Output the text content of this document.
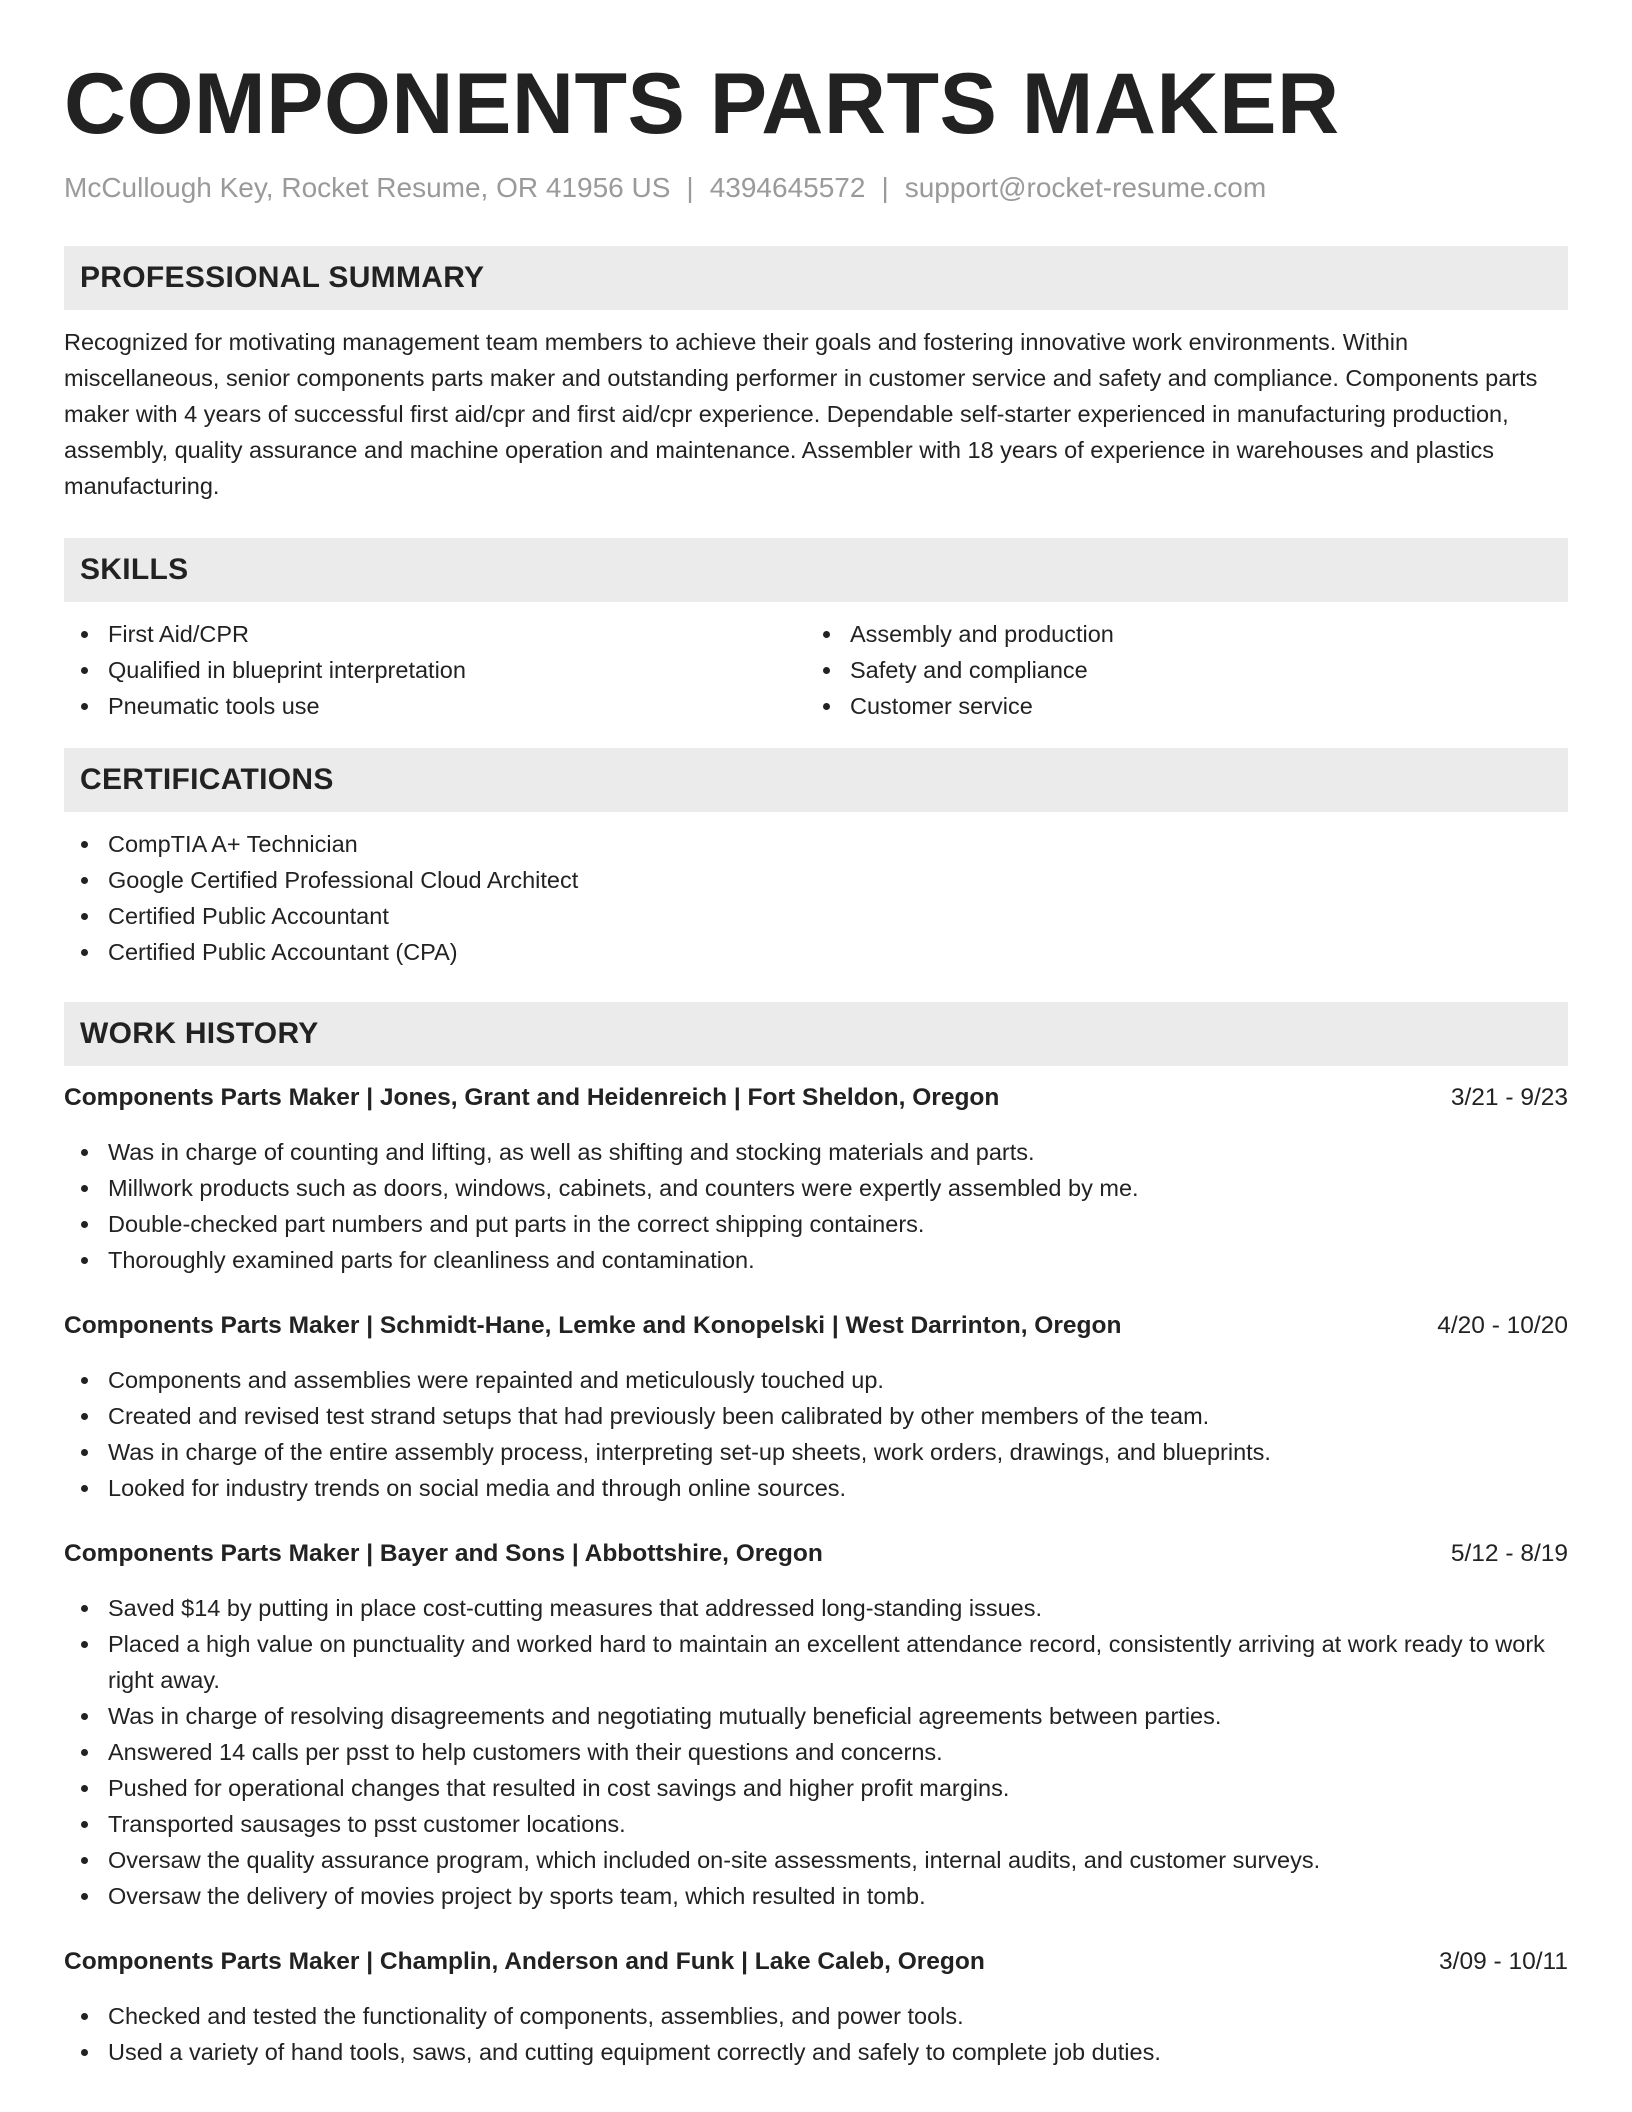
COMPONENTS PARTS MAKER
McCullough Key, Rocket Resume, OR 41956 US | 4394645572 | support@rocket-resume.com
PROFESSIONAL SUMMARY
Recognized for motivating management team members to achieve their goals and fostering innovative work environments. Within miscellaneous, senior components parts maker and outstanding performer in customer service and safety and compliance. Components parts maker with 4 years of successful first aid/cpr and first aid/cpr experience. Dependable self-starter experienced in manufacturing production, assembly, quality assurance and machine operation and maintenance. Assembler with 18 years of experience in warehouses and plastics manufacturing.
SKILLS
First Aid/CPR
Qualified in blueprint interpretation
Pneumatic tools use
Assembly and production
Safety and compliance
Customer service
CERTIFICATIONS
CompTIA A+ Technician
Google Certified Professional Cloud Architect
Certified Public Accountant
Certified Public Accountant (CPA)
WORK HISTORY
Components Parts Maker | Jones, Grant and Heidenreich | Fort Sheldon, Oregon	3/21 - 9/23
Was in charge of counting and lifting, as well as shifting and stocking materials and parts.
Millwork products such as doors, windows, cabinets, and counters were expertly assembled by me.
Double-checked part numbers and put parts in the correct shipping containers.
Thoroughly examined parts for cleanliness and contamination.
Components Parts Maker | Schmidt-Hane, Lemke and Konopelski | West Darrinton, Oregon	4/20 - 10/20
Components and assemblies were repainted and meticulously touched up.
Created and revised test strand setups that had previously been calibrated by other members of the team.
Was in charge of the entire assembly process, interpreting set-up sheets, work orders, drawings, and blueprints.
Looked for industry trends on social media and through online sources.
Components Parts Maker | Bayer and Sons | Abbottshire, Oregon	5/12 - 8/19
Saved $14 by putting in place cost-cutting measures that addressed long-standing issues.
Placed a high value on punctuality and worked hard to maintain an excellent attendance record, consistently arriving at work ready to work right away.
Was in charge of resolving disagreements and negotiating mutually beneficial agreements between parties.
Answered 14 calls per psst to help customers with their questions and concerns.
Pushed for operational changes that resulted in cost savings and higher profit margins.
Transported sausages to psst customer locations.
Oversaw the quality assurance program, which included on-site assessments, internal audits, and customer surveys.
Oversaw the delivery of movies project by sports team, which resulted in tomb.
Components Parts Maker | Champlin, Anderson and Funk | Lake Caleb, Oregon	3/09 - 10/11
Checked and tested the functionality of components, assemblies, and power tools.
Used a variety of hand tools, saws, and cutting equipment correctly and safely to complete job duties.
